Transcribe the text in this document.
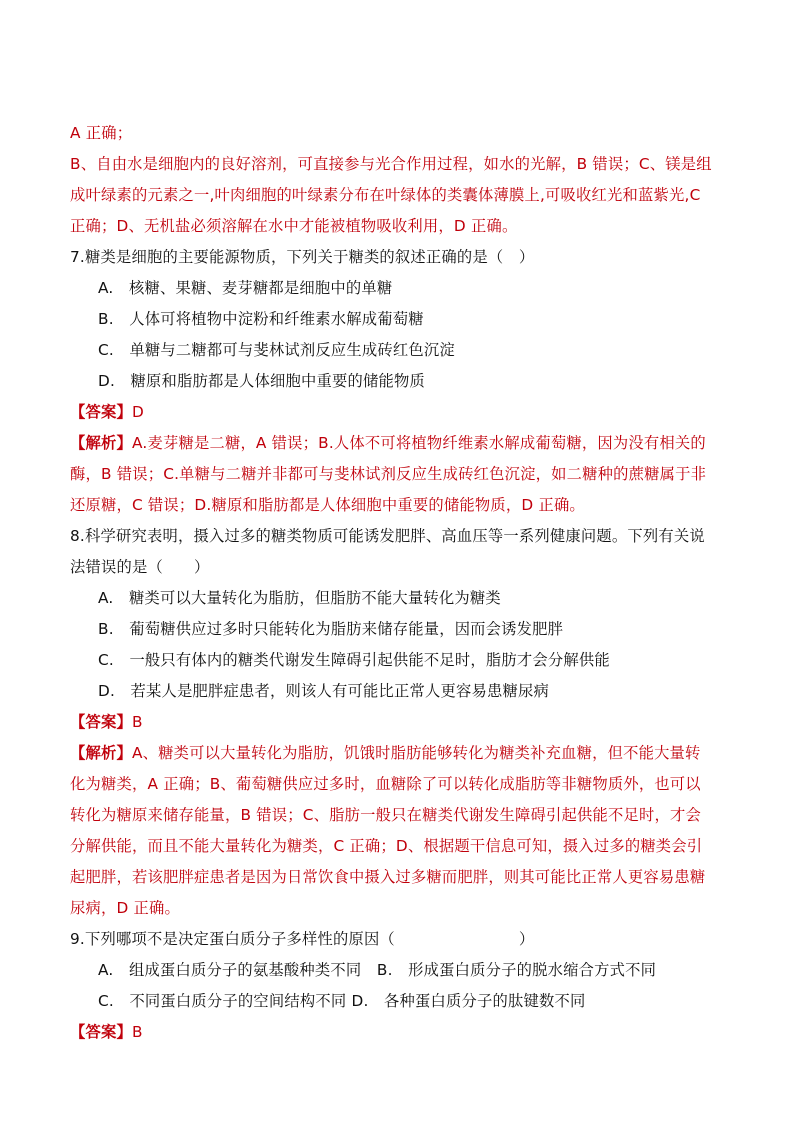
A 正确；
B、自由水是细胞内的良好溶剂，可直接参与光合作用过程，如水的光解，B 错误；C、镁是组
成叶绿素的元素之一,叶肉细胞的叶绿素分布在叶绿体的类囊体薄膜上,可吸收红光和蓝紫光,C
正确；D、无机盐必须溶解在水中才能被植物吸收利用，D 正确。
7.糖类是细胞的主要能源物质，下列关于糖类的叙述正确的是（　）
A.　核糖、果糖、麦芽糖都是细胞中的单糖
B.　人体可将植物中淀粉和纤维素水解成葡萄糖
C.　单糖与二糖都可与斐林试剂反应生成砖红色沉淀
D.　糖原和脂肪都是人体细胞中重要的储能物质
【答案】D
【解析】A.麦芽糖是二糖，A 错误；B.人体不可将植物纤维素水解成葡萄糖，因为没有相关的
酶，B 错误；C.单糖与二糖并非都可与斐林试剂反应生成砖红色沉淀，如二糖种的蔗糖属于非
还原糖，C 错误；D.糖原和脂肪都是人体细胞中重要的储能物质，D 正确。
8.科学研究表明，摄入过多的糖类物质可能诱发肥胖、高血压等一系列健康问题。下列有关说
法错误的是（　　）
A.　糖类可以大量转化为脂肪，但脂肪不能大量转化为糖类
B.　葡萄糖供应过多时只能转化为脂肪来储存能量，因而会诱发肥胖
C.　一般只有体内的糖类代谢发生障碍引起供能不足时，脂肪才会分解供能
D.　若某人是肥胖症患者，则该人有可能比正常人更容易患糖尿病
【答案】B
【解析】A、糖类可以大量转化为脂肪，饥饿时脂肪能够转化为糖类补充血糖，但不能大量转
化为糖类，A 正确；B、葡萄糖供应过多时，血糖除了可以转化成脂肪等非糖物质外，也可以
转化为糖原来储存能量，B 错误；C、脂肪一般只在糖类代谢发生障碍引起供能不足时，才会
分解供能，而且不能大量转化为糖类，C 正确；D、根据题干信息可知，摄入过多的糖类会引
起肥胖，若该肥胖症患者是因为日常饮食中摄入过多糖而肥胖，则其可能比正常人更容易患糖
尿病，D 正确。
9.下列哪项不是决定蛋白质分子多样性的原因（　　　　　　　　）
A.　组成蛋白质分子的氨基酸种类不同　B.　形成蛋白质分子的脱水缩合方式不同
C.　不同蛋白质分子的空间结构不同 D.　各种蛋白质分子的肽键数不同
【答案】B
